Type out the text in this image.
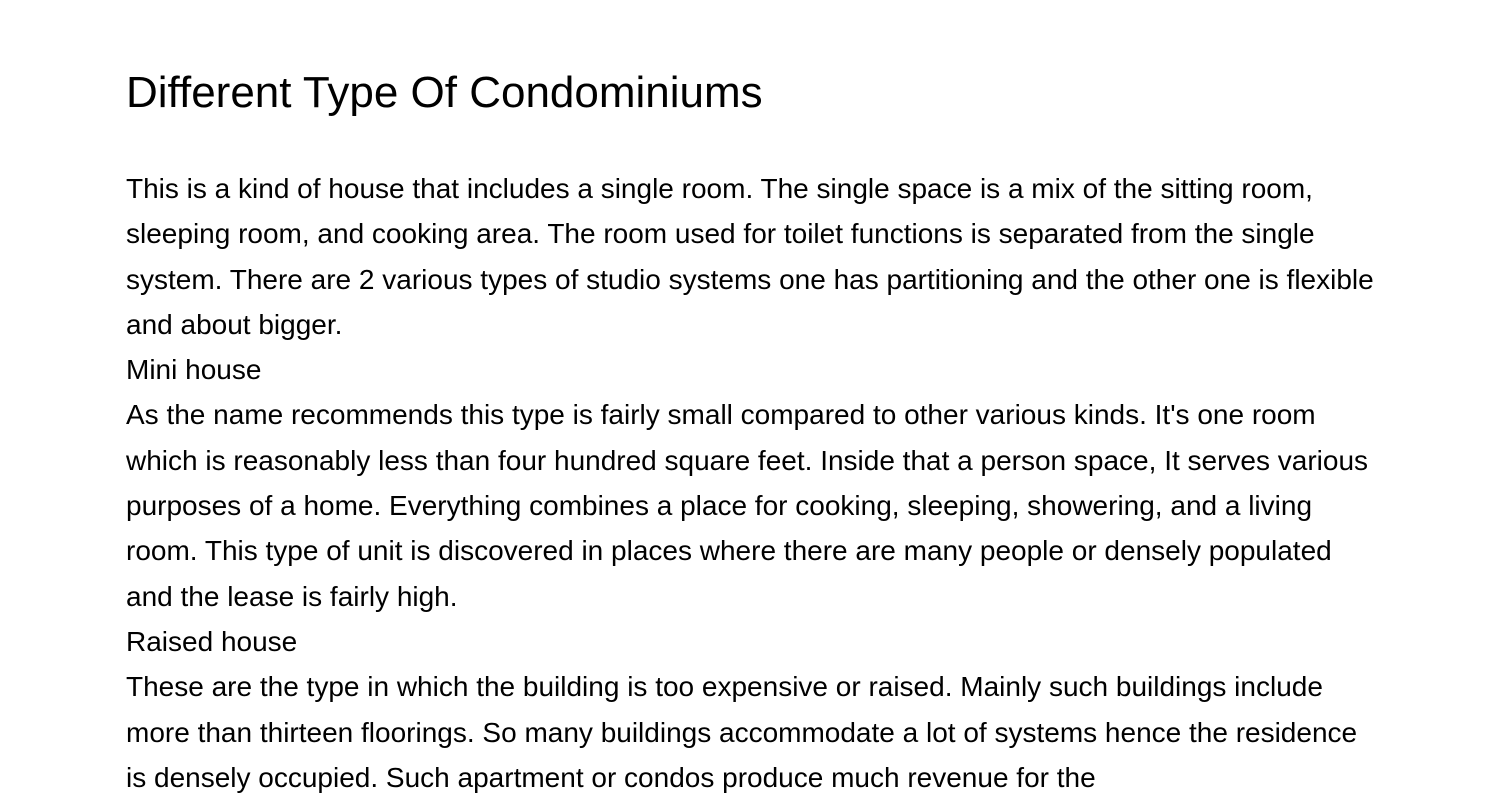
Different Type Of Condominiums

This is a kind of house that includes a single room. The single space is a mix of the sitting room, sleeping room, and cooking area. The room used for toilet functions is separated from the single system. There are 2 various types of studio systems one has partitioning and the other one is flexible and about bigger.

Mini house

As the name recommends this type is fairly small compared to other various kinds. It's one room which is reasonably less than four hundred square feet. Inside that a person space, It serves various purposes of a home. Everything combines a place for cooking, sleeping, showering, and a living room. This type of unit is discovered in places where there are many people or densely populated and the lease is fairly high.

Raised house

These are the type in which the building is too expensive or raised. Mainly such buildings include more than thirteen floorings. So many buildings accommodate a lot of systems hence the residence is densely occupied. Such apartment or condos produce much revenue for the
